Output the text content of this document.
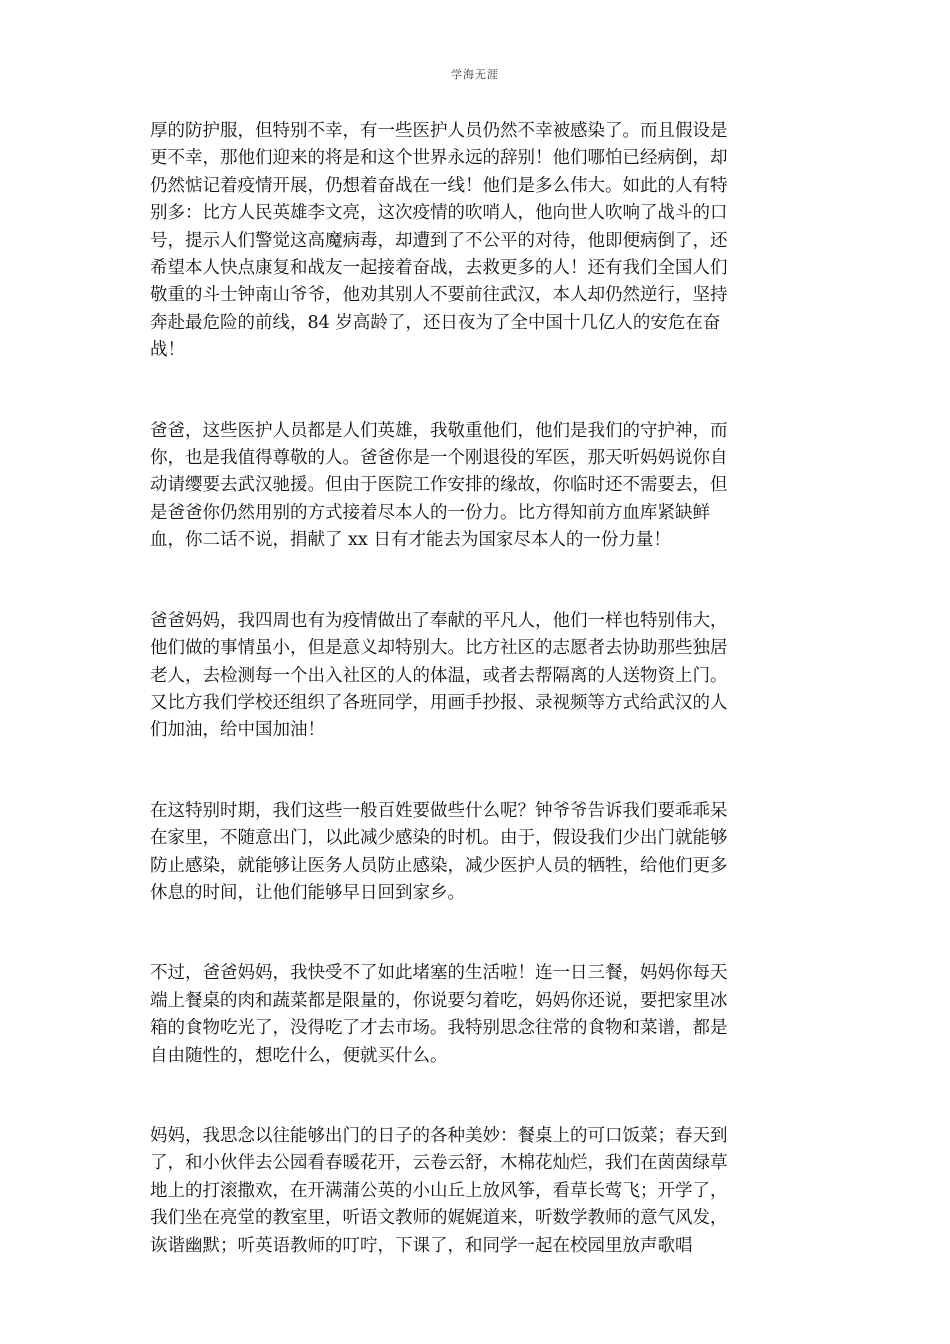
学海无涯
厚的防护服，但特别不幸，有一些医护人员仍然不幸被感染了。而且假设是
更不幸，那他们迎来的将是和这个世界永远的辞别！他们哪怕已经病倒，却
仍然惦记着疫情开展，仍想着奋战在一线！他们是多么伟大。如此的人有特
别多：比方人民英雄李文亮，这次疫情的吹哨人，他向世人吹响了战斗的口
号，提示人们警觉这高魔病毒，却遭到了不公平的对待，他即便病倒了，还
希望本人快点康复和战友一起接着奋战，去救更多的人！还有我们全国人们
敬重的斗士钟南山爷爷，他劝其别人不要前往武汉，本人却仍然逆行，坚持
奔赴最危险的前线，84 岁高龄了，还日夜为了全中国十几亿人的安危在奋
战！
爸爸，这些医护人员都是人们英雄，我敬重他们，他们是我们的守护神，而
你，也是我值得尊敬的人。爸爸你是一个刚退役的军医，那天听妈妈说你自
动请缨要去武汉驰援。但由于医院工作安排的缘故，你临时还不需要去，但
是爸爸你仍然用别的方式接着尽本人的一份力。比方得知前方血库紧缺鲜
血，你二话不说，捐献了 xx 日有才能去为国家尽本人的一份力量！
爸爸妈妈，我四周也有为疫情做出了奉献的平凡人，他们一样也特别伟大，
他们做的事情虽小，但是意义却特别大。比方社区的志愿者去协助那些独居
老人，去检测每一个出入社区的人的体温，或者去帮隔离的人送物资上门。
又比方我们学校还组织了各班同学，用画手抄报、录视频等方式给武汉的人
们加油，给中国加油！
在这特别时期，我们这些一般百姓要做些什么呢？钟爷爷告诉我们要乖乖呆
在家里，不随意出门，以此减少感染的时机。由于，假设我们少出门就能够
防止感染，就能够让医务人员防止感染，减少医护人员的牺牲，给他们更多
休息的时间，让他们能够早日回到家乡。
不过，爸爸妈妈，我快受不了如此堵塞的生活啦！连一日三餐，妈妈你每天
端上餐桌的肉和蔬菜都是限量的，你说要匀着吃，妈妈你还说，要把家里冰
箱的食物吃光了，没得吃了才去市场。我特别思念往常的食物和菜谱，都是
自由随性的，想吃什么，便就买什么。
妈妈，我思念以往能够出门的日子的各种美妙：餐桌上的可口饭菜；春天到
了，和小伙伴去公园看春暖花开，云卷云舒，木棉花灿烂，我们在茵茵绿草
地上的打滚撒欢，在开满蒲公英的小山丘上放风筝，看草长莺飞；开学了，
我们坐在亮堂的教室里，听语文教师的娓娓道来，听数学教师的意气风发，
诙谐幽默；听英语教师的叮咛，下课了，和同学一起在校园里放声歌唱
